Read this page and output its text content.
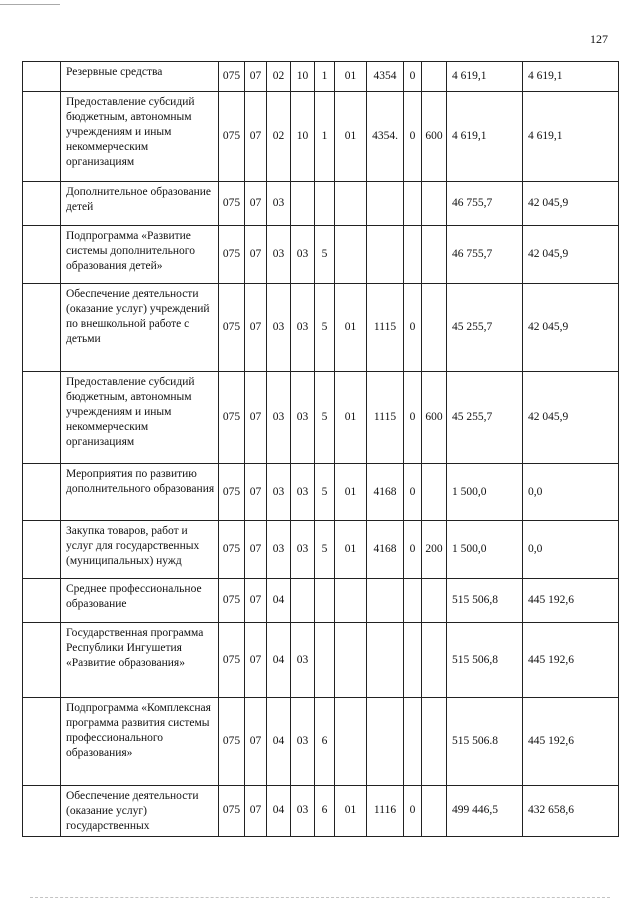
127
	Резервные средства	075	07	02	10	1	01	4354	0		4 619,1	4 619,1
	Предоставление субсидий бюджетным, автономным учреждениям и иным некоммерческим организациям	075	07	02	10	1	01	4354.	0	600	4 619,1	4 619,1
	Дополнительное образование детей	075	07	03							46 755,7	42 045,9
	Подпрограмма «Развитие системы дополнительного образования детей»	075	07	03	03	5					46 755,7	42 045,9
	Обеспечение деятельности (оказание услуг) учреждений по внешкольной работе с детьми	075	07	03	03	5	01	1115	0		45 255,7	42 045,9
	Предоставление субсидий бюджетным, автономным учреждениям и иным некоммерческим организациям	075	07	03	03	5	01	1115	0	600	45 255,7	42 045,9
	Мероприятия по развитию дополнительного образования	075	07	03	03	5	01	4168	0		1 500,0	0,0
	Закупка товаров, работ и услуг для государственных (муниципальных) нужд	075	07	03	03	5	01	4168	0	200	1 500,0	0,0
	Среднее профессиональное образование	075	07	04							515 506,8	445 192,6
	Государственная программа Республики Ингушетия «Развитие образования»	075	07	04	03						515 506,8	445 192,6
	Подпрограмма «Комплексная программа развития системы профессионального образования»	075	07	04	03	6					515 506.8	445 192,6
	Обеспечение деятельности (оказание услуг) государственных	075	07	04	03	6	01	1116	0		499 446,5	432 658,6
